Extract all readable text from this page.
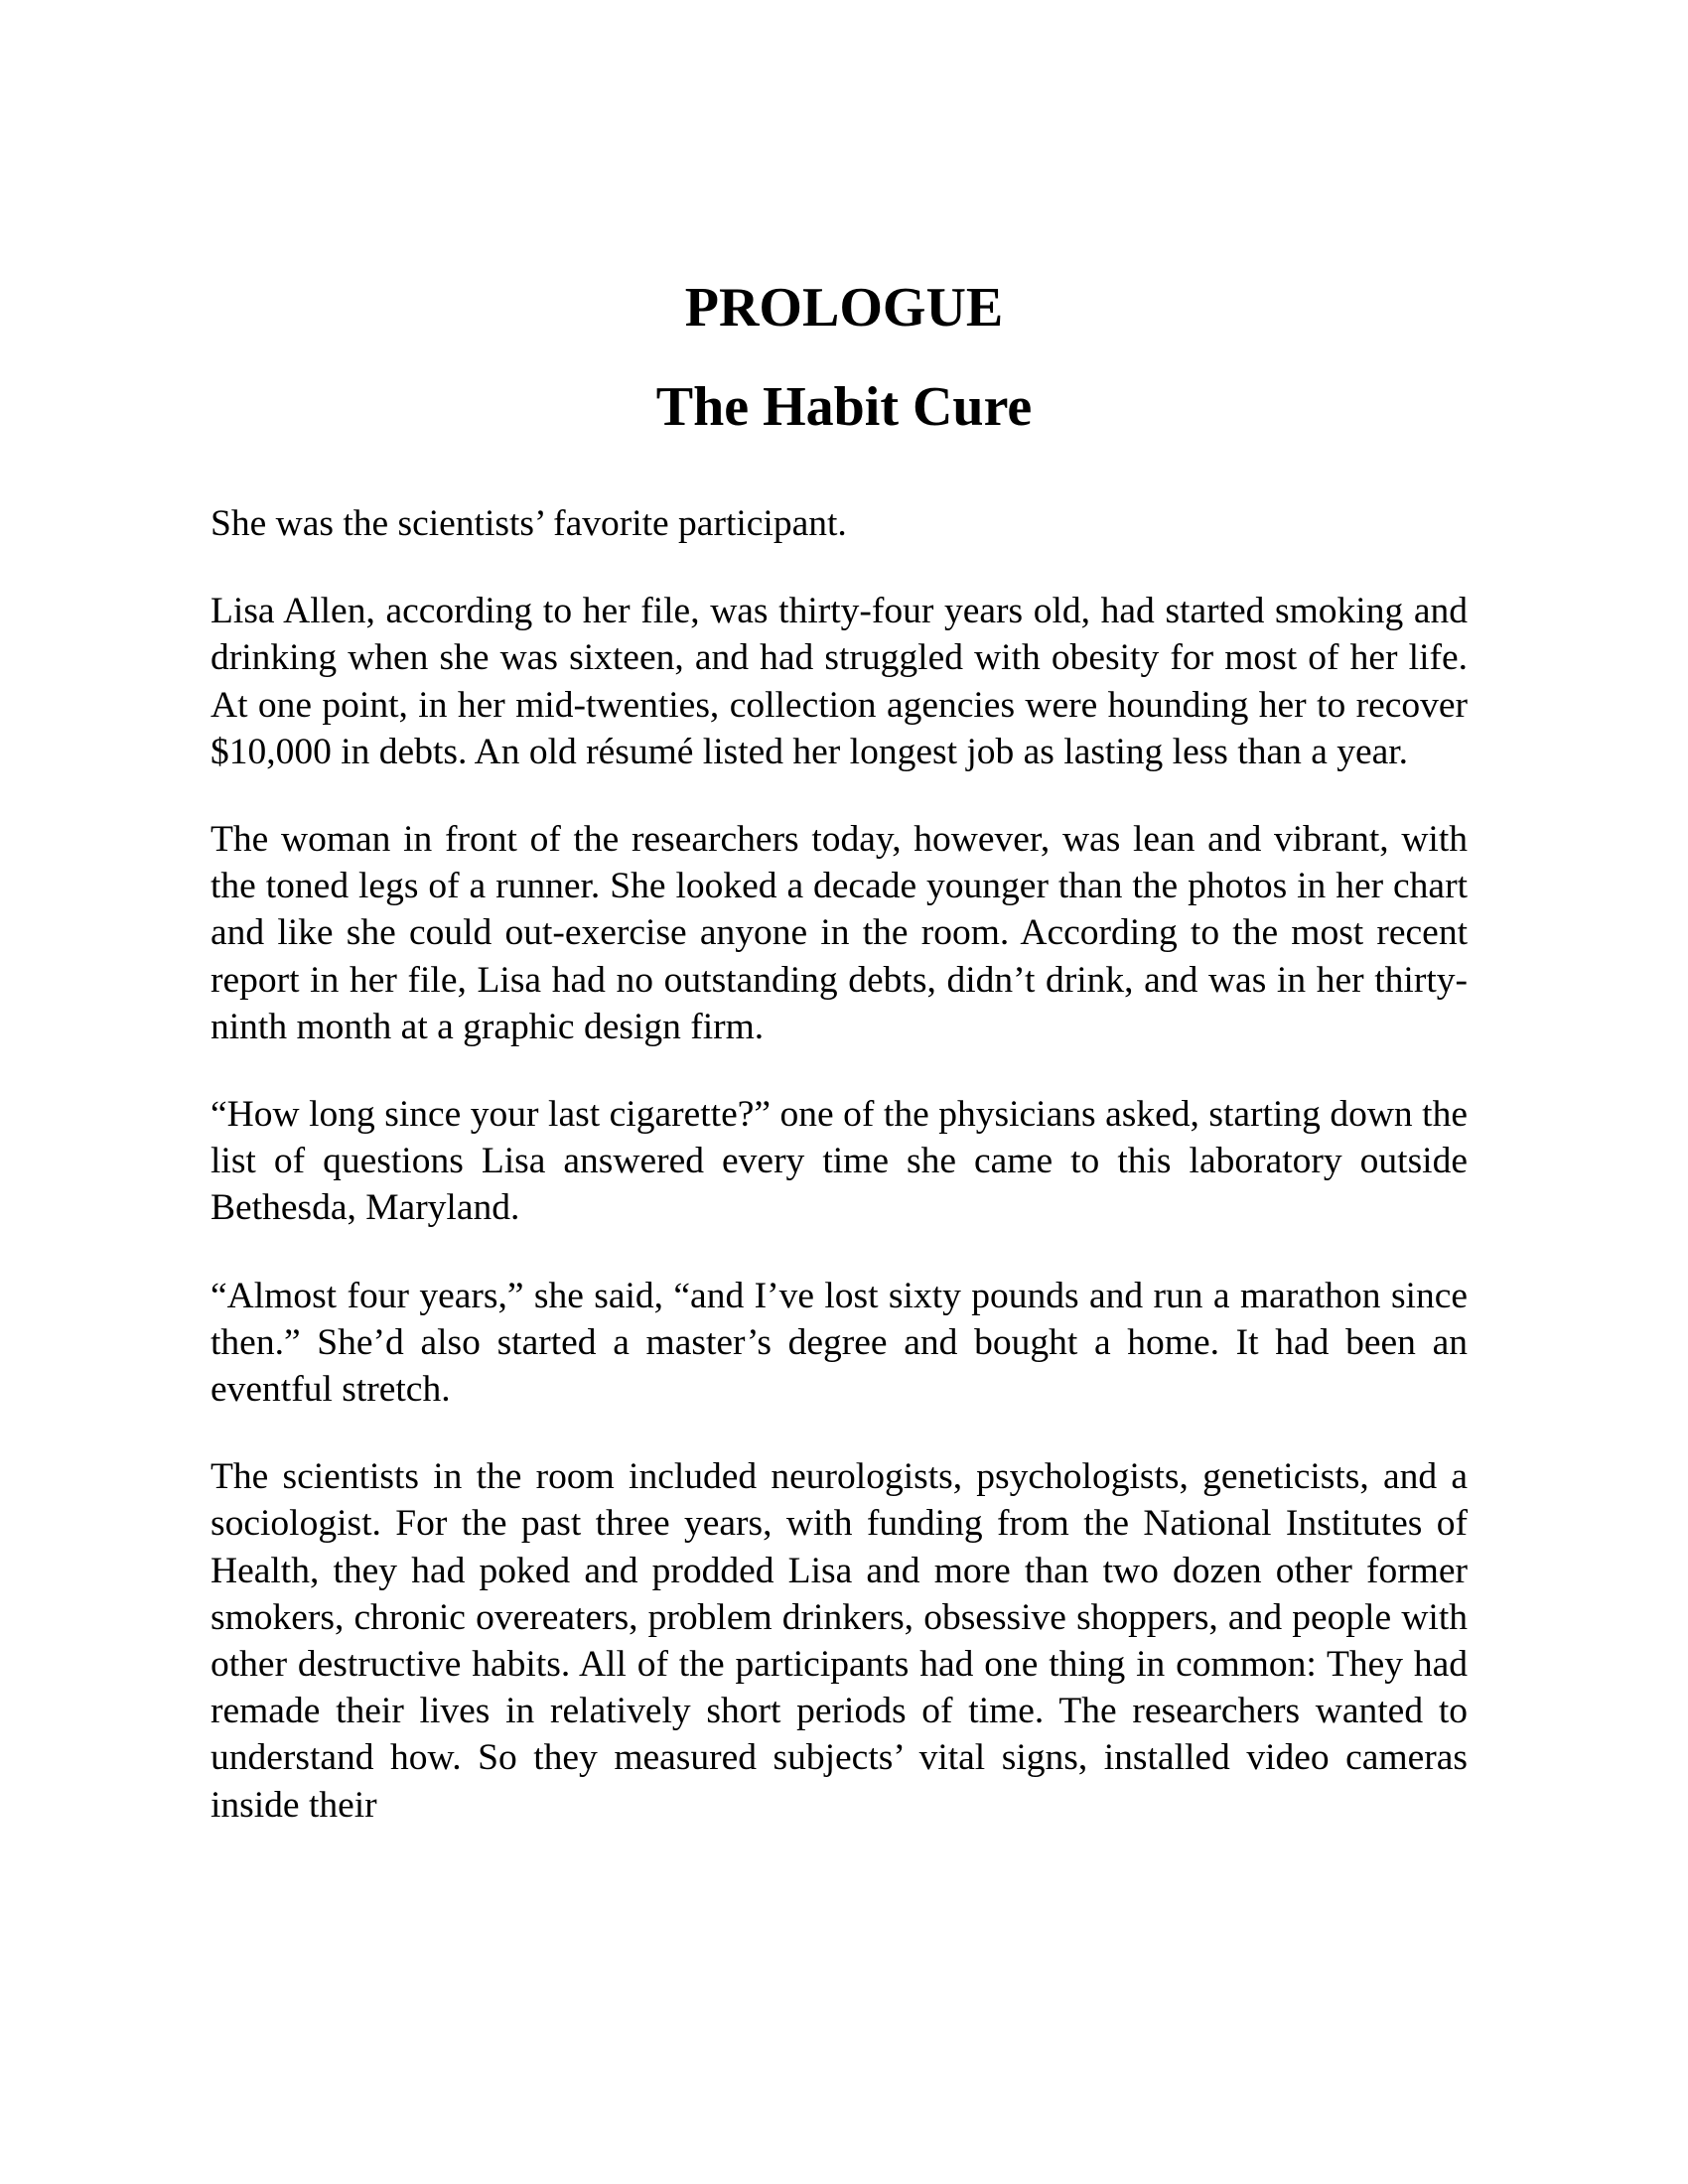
PROLOGUE
The Habit Cure

She was the scientists’ favorite participant.

Lisa Allen, according to her file, was thirty-four years old, had started smoking and drinking when she was sixteen, and had struggled with obesity for most of her life. At one point, in her mid-twenties, collection agencies were hounding her to recover $10,000 in debts. An old résumé listed her longest job as lasting less than a year.

The woman in front of the researchers today, however, was lean and vibrant, with the toned legs of a runner. She looked a decade younger than the photos in her chart and like she could out-exercise anyone in the room. According to the most recent report in her file, Lisa had no outstanding debts, didn’t drink, and was in her thirty-ninth month at a graphic design firm.

“How long since your last cigarette?” one of the physicians asked, starting down the list of questions Lisa answered every time she came to this laboratory outside Bethesda, Maryland.

“Almost four years,” she said, “and I’ve lost sixty pounds and run a marathon since then.” She’d also started a master’s degree and bought a home. It had been an eventful stretch.

The scientists in the room included neurologists, psychologists, geneticists, and a sociologist. For the past three years, with funding from the National Institutes of Health, they had poked and prodded Lisa and more than two dozen other former smokers, chronic overeaters, problem drinkers, obsessive shoppers, and people with other destructive habits. All of the participants had one thing in common: They had remade their lives in relatively short periods of time. The researchers wanted to understand how. So they measured subjects’ vital signs, installed video cameras inside their
